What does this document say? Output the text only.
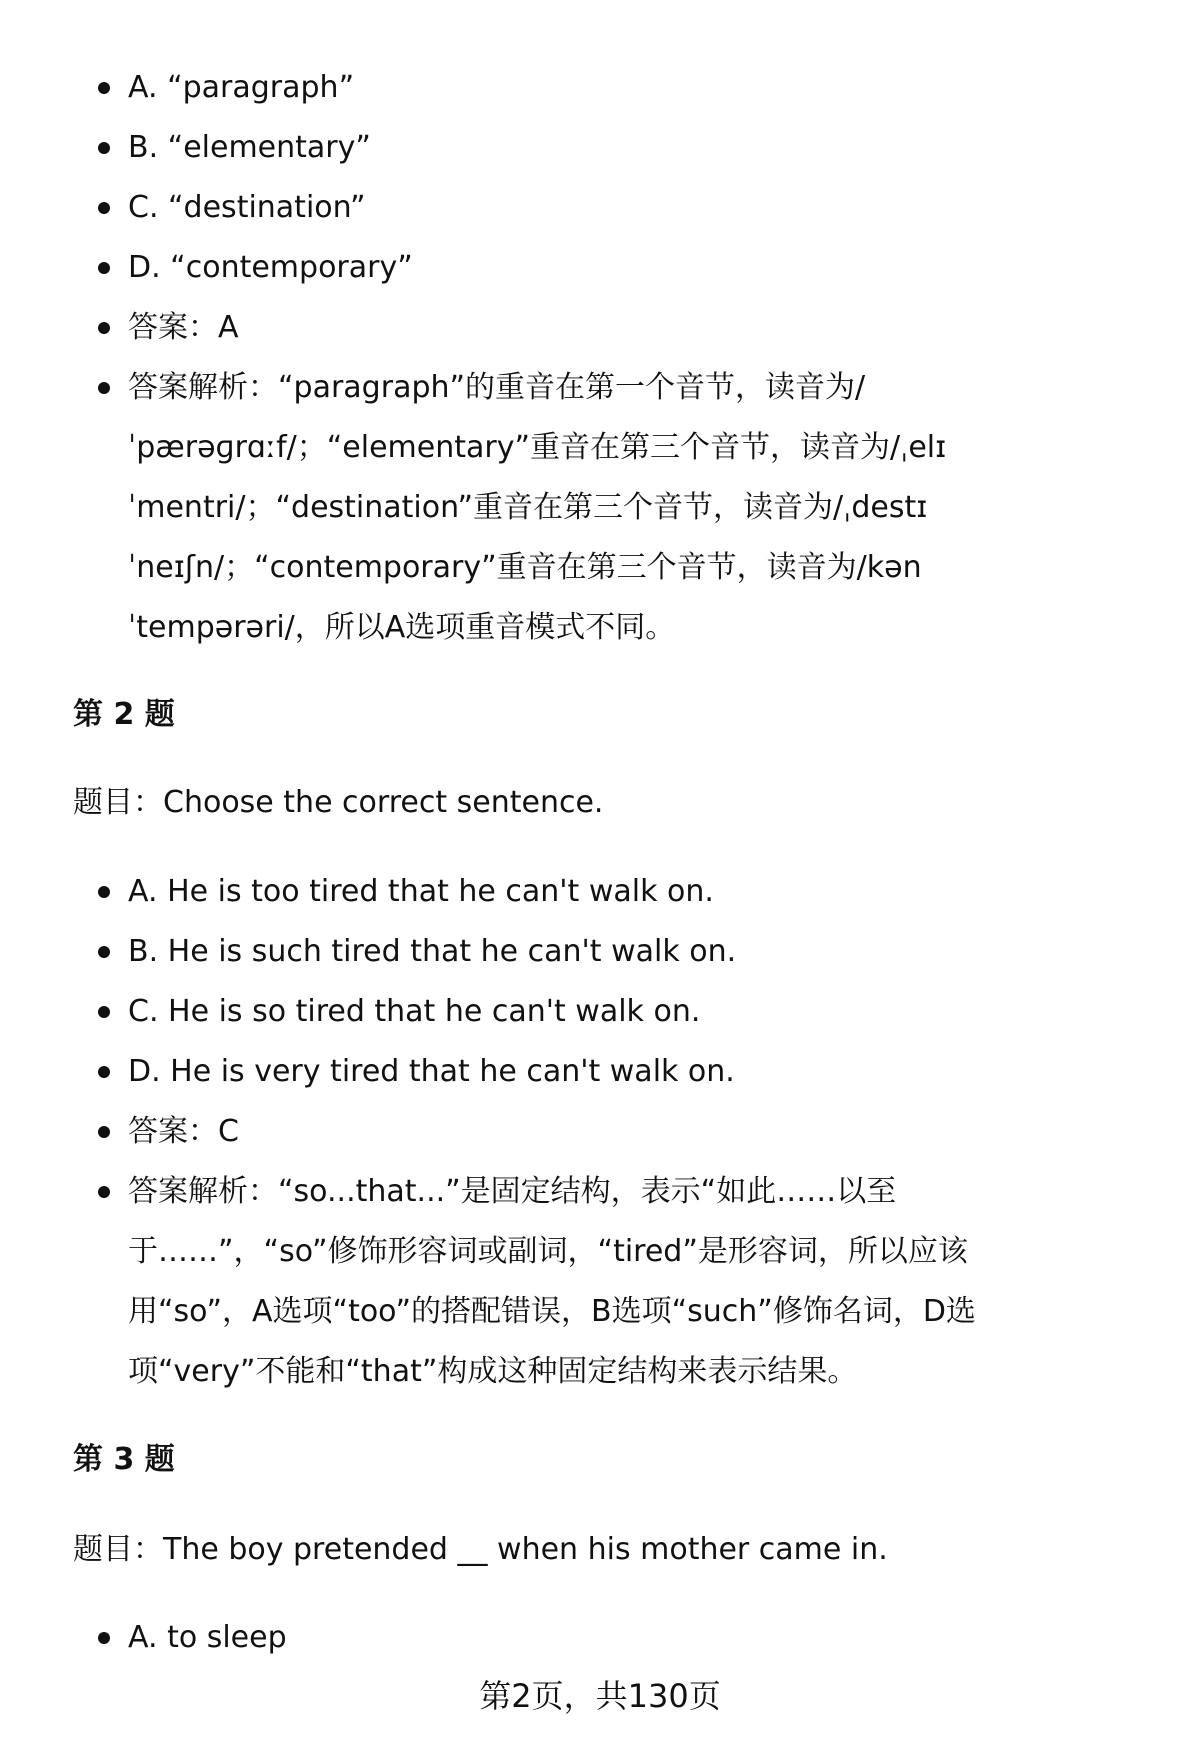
A. “paragraph”
B. “elementary”
C. “destination”
D. “contemporary”
答案：A
答案解析：“paragraph”的重音在第一个音节，读音为/ˈpærəɡrɑːf/；“elementary”重音在第三个音节，读音为/ˌelɪˈmentri/；“destination”重音在第三个音节，读音为/ˌdestɪˈneɪʃn/；“contemporary”重音在第三个音节，读音为/kənˈtempərəri/，所以A选项重音模式不同。
第 2 题
题目：Choose the correct sentence.
A. He is too tired that he can't walk on.
B. He is such tired that he can't walk on.
C. He is so tired that he can't walk on.
D. He is very tired that he can't walk on.
答案：C
答案解析：“so...that...”是固定结构，表示“如此……以至于……”，“so”修饰形容词或副词，“tired”是形容词，所以应该用“so”，A选项“too”的搭配错误，B选项“such”修饰名词，D选项“very”不能和“that”构成这种固定结构来表示结果。
第 3 题
题目：The boy pretended __ when his mother came in.
A. to sleep
第2页，共130页
